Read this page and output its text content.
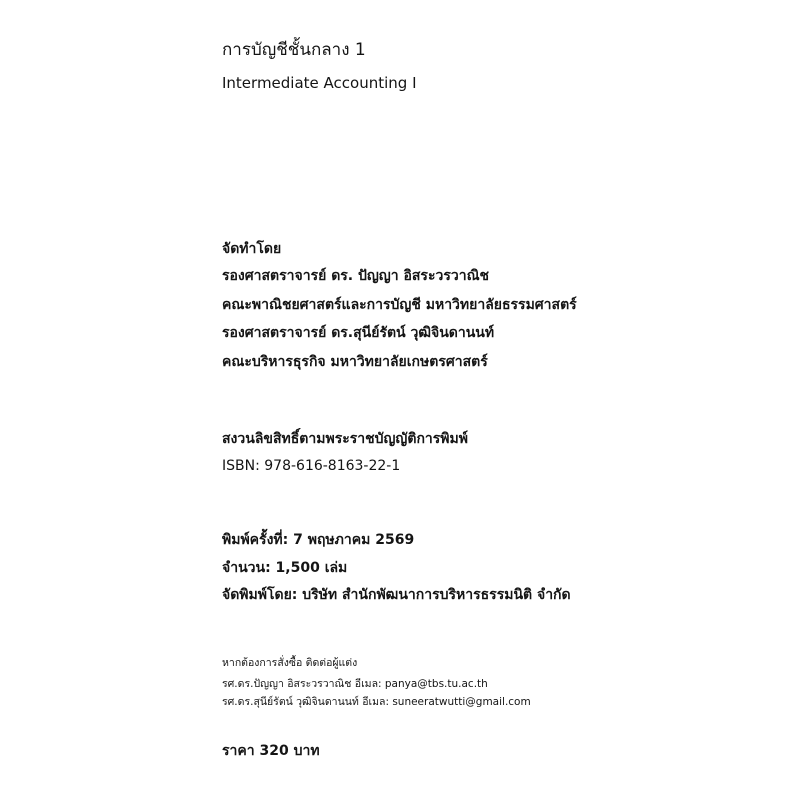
การบัญชีชั้นกลาง 1
Intermediate Accounting I
จัดทำโดย
รองศาสตราจารย์ ดร. ปัญญา อิสระวรวาณิช
คณะพาณิชยศาสตร์และการบัญชี มหาวิทยาลัยธรรมศาสตร์
รองศาสตราจารย์ ดร.สุนีย์รัตน์ วุฒิจินดานนท์
คณะบริหารธุรกิจ มหาวิทยาลัยเกษตรศาสตร์
สงวนลิขสิทธิ์ตามพระราชบัญญัติการพิมพ์
ISBN: 978-616-8163-22-1
พิมพ์ครั้งที่: 7 พฤษภาคม 2569
จำนวน: 1,500 เล่ม
จัดพิมพ์โดย: บริษัท สำนักพัฒนาการบริหารธรรมนิติ จำกัด
หากต้องการสั่งซื้อ ติดต่อผู้แต่ง
รศ.ดร.ปัญญา อิสระวรวาณิช อีเมล: panya@tbs.tu.ac.th
รศ.ดร.สุนีย์รัตน์ วุฒิจินดานนท์ อีเมล: suneeratwutti@gmail.com
ราคา 320 บาท
